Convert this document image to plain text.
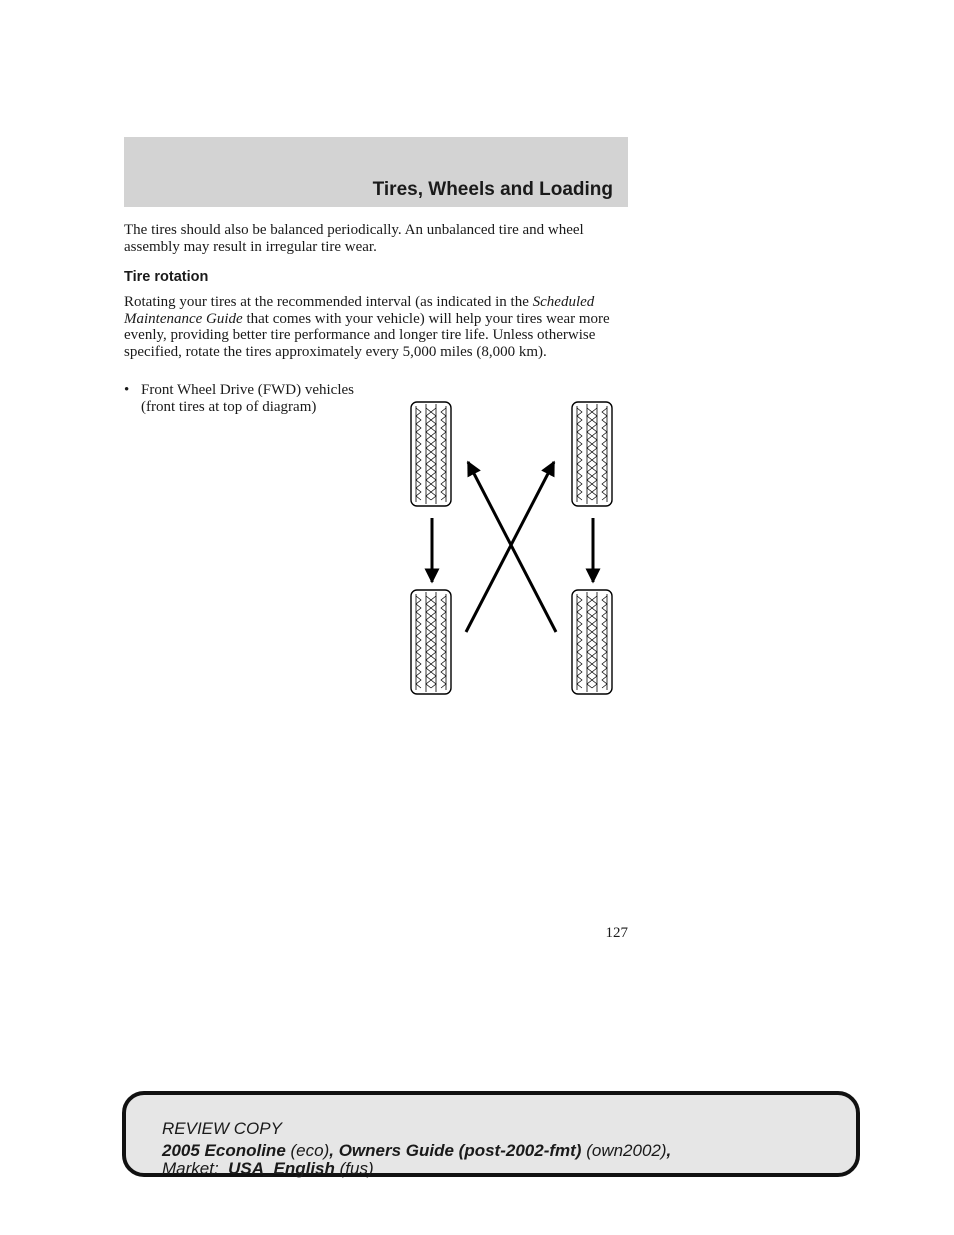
Tires, Wheels and Loading

The tires should also be balanced periodically. An unbalanced tire and wheel assembly may result in irregular tire wear.

Tire rotation

Rotating your tires at the recommended interval (as indicated in the Scheduled Maintenance Guide that comes with your vehicle) will help your tires wear more evenly, providing better tire performance and longer tire life. Unless otherwise specified, rotate the tires approximately every 5,000 miles (8,000 km).

• Front Wheel Drive (FWD) vehicles (front tires at top of diagram)
127
REVIEW COPY
2005 Econoline (eco), Owners Guide (post-2002-fmt) (own2002),
Market: USA_English (fus)
